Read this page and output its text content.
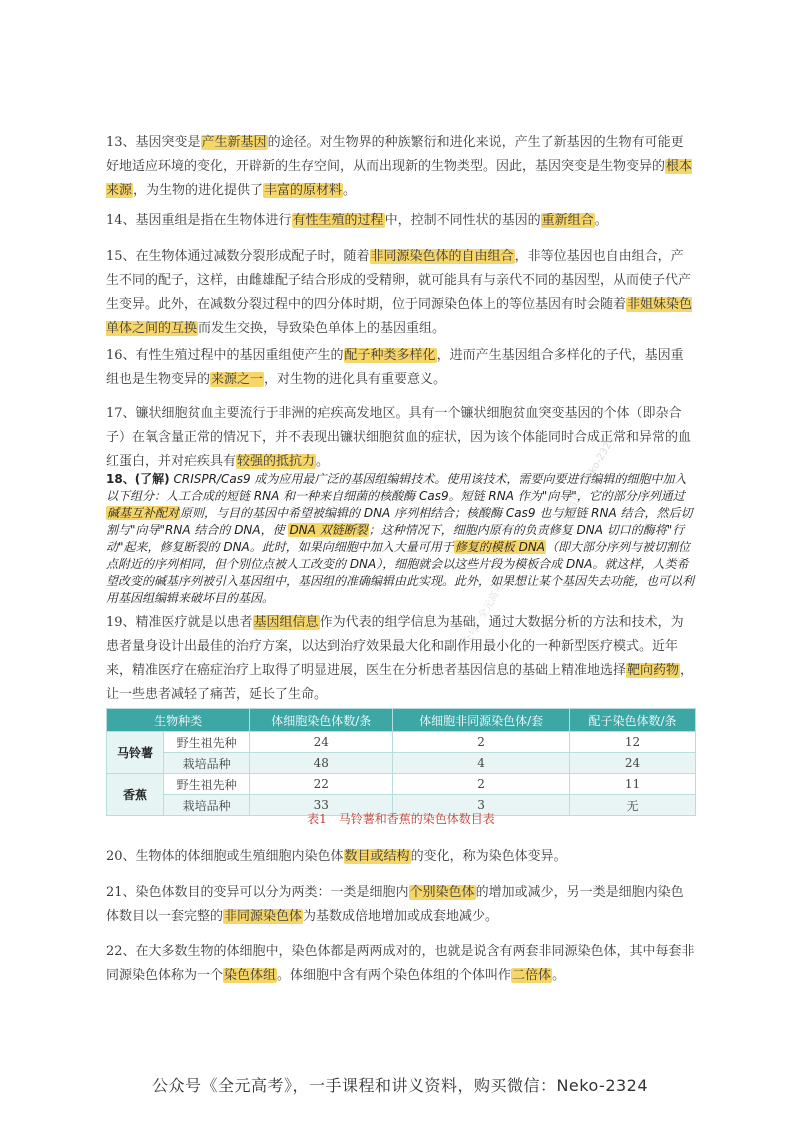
微信号：Neko-2324
公众号：全元高考
13、基因突变是产生新基因的途径。对生物界的种族繁衍和进化来说，产生了新基因的生物有可能更好地适应环境的变化，开辟新的生存空间，从而出现新的生物类型。因此，基因突变是生物变异的根本来源，为生物的进化提供了丰富的原材料。
14、基因重组是指在生物体进行有性生殖的过程中，控制不同性状的基因的重新组合。
15、在生物体通过减数分裂形成配子时，随着非同源染色体的自由组合，非等位基因也自由组合，产生不同的配子，这样，由雌雄配子结合形成的受精卵，就可能具有与亲代不同的基因型，从而使子代产生变异。此外，在减数分裂过程中的四分体时期，位于同源染色体上的等位基因有时会随着非姐妹染色单体之间的互换而发生交换，导致染色单体上的基因重组。
16、有性生殖过程中的基因重组使产生的配子种类多样化，进而产生基因组合多样化的子代，基因重组也是生物变异的来源之一，对生物的进化具有重要意义。
17、镰状细胞贫血主要流行于非洲的疟疾高发地区。具有一个镰状细胞贫血突变基因的个体（即杂合子）在氧含量正常的情况下，并不表现出镰状细胞贫血的症状，因为该个体能同时合成正常和异常的血红蛋白，并对疟疾具有较强的抵抗力。
18、(了解) CRISPR/Cas9 成为应用最广泛的基因组编辑技术。使用该技术，需要向要进行编辑的细胞中加入以下组分：人工合成的短链 RNA 和一种来自细菌的核酸酶 Cas9。短链 RNA 作为"向导"，它的部分序列通过碱基互补配对原则，与目的基因中希望被编辑的 DNA 序列相结合；核酸酶 Cas9 也与短链 RNA 结合，然后切割与"向导"RNA 结合的 DNA，使 DNA 双链断裂；这种情况下，细胞内原有的负责修复 DNA 切口的酶将"行动"起来，修复断裂的 DNA。此时，如果向细胞中加入大量可用于修复的模板 DNA（即大部分序列与被切割位点附近的序列相同，但个别位点被人工改变的 DNA），细胞就会以这些片段为模板合成 DNA。就这样，人类希望改变的碱基序列被引入基因组中，基因组的准确编辑由此实现。此外，如果想让某个基因失去功能，也可以利用基因组编辑来破坏目的基因。
19、精准医疗就是以患者基因组信息作为代表的组学信息为基础，通过大数据分析的方法和技术，为患者量身设计出最佳的治疗方案，以达到治疗效果最大化和副作用最小化的一种新型医疗模式。近年来，精准医疗在癌症治疗上取得了明显进展，医生在分析患者基因信息的基础上精准地选择靶向药物，让一些患者减轻了痛苦，延长了生命。
生物种类		体细胞染色体数/条	体细胞非同源染色体/套	配子染色体数/条
马铃薯	野生祖先种	24	2	12
	栽培品种	48	4	24
香蕉	野生祖先种	22	2	11
	栽培品种	33	3	无
表1　马铃薯和香蕉的染色体数目表
20、生物体的体细胞或生殖细胞内染色体数目或结构的变化，称为染色体变异。
21、染色体数目的变异可以分为两类：一类是细胞内个别染色体的增加或减少，另一类是细胞内染色体数目以一套完整的非同源染色体为基数成倍地增加或成套地减少。
22、在大多数生物的体细胞中，染色体都是两两成对的，也就是说含有两套非同源染色体，其中每套非同源染色体称为一个染色体组。体细胞中含有两个染色体组的个体叫作二倍体。
公众号《全元高考》，一手课程和讲义资料，购买微信：Neko-2324
